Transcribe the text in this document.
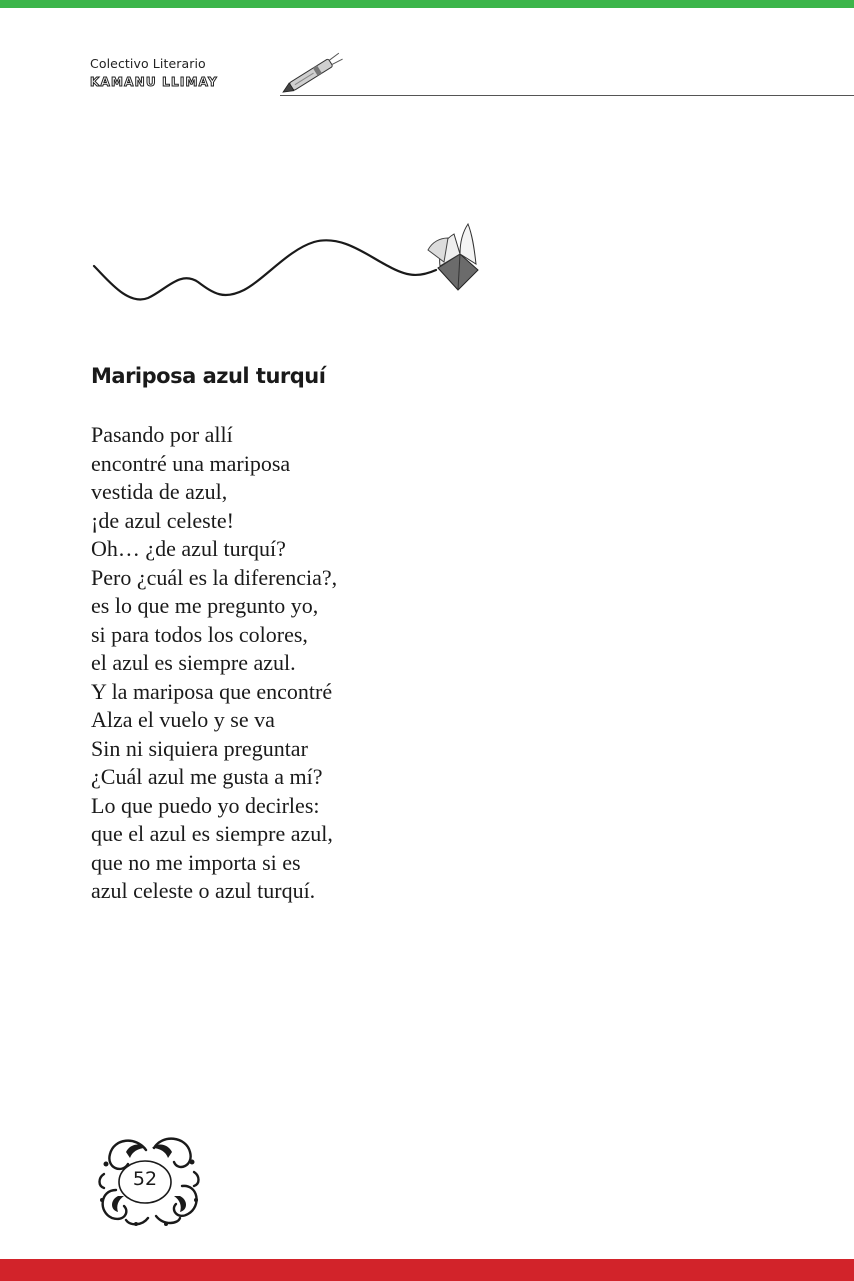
Colectivo Literario
KAMANU LLIMAY
Mariposa azul turquí
Pasando por allí
encontré una mariposa
vestida de azul,
¡de azul celeste!
Oh… ¿de azul turquí?
Pero ¿cuál es la diferencia?,
es lo que me pregunto yo,
si para todos los colores,
el azul es siempre azul.
Y la mariposa que encontré
Alza el vuelo y se va
Sin ni siquiera preguntar
¿Cuál azul me gusta a mí?
Lo que puedo yo decirles:
que el azul es siempre azul,
que no me importa si es
azul celeste o azul turquí.
52
